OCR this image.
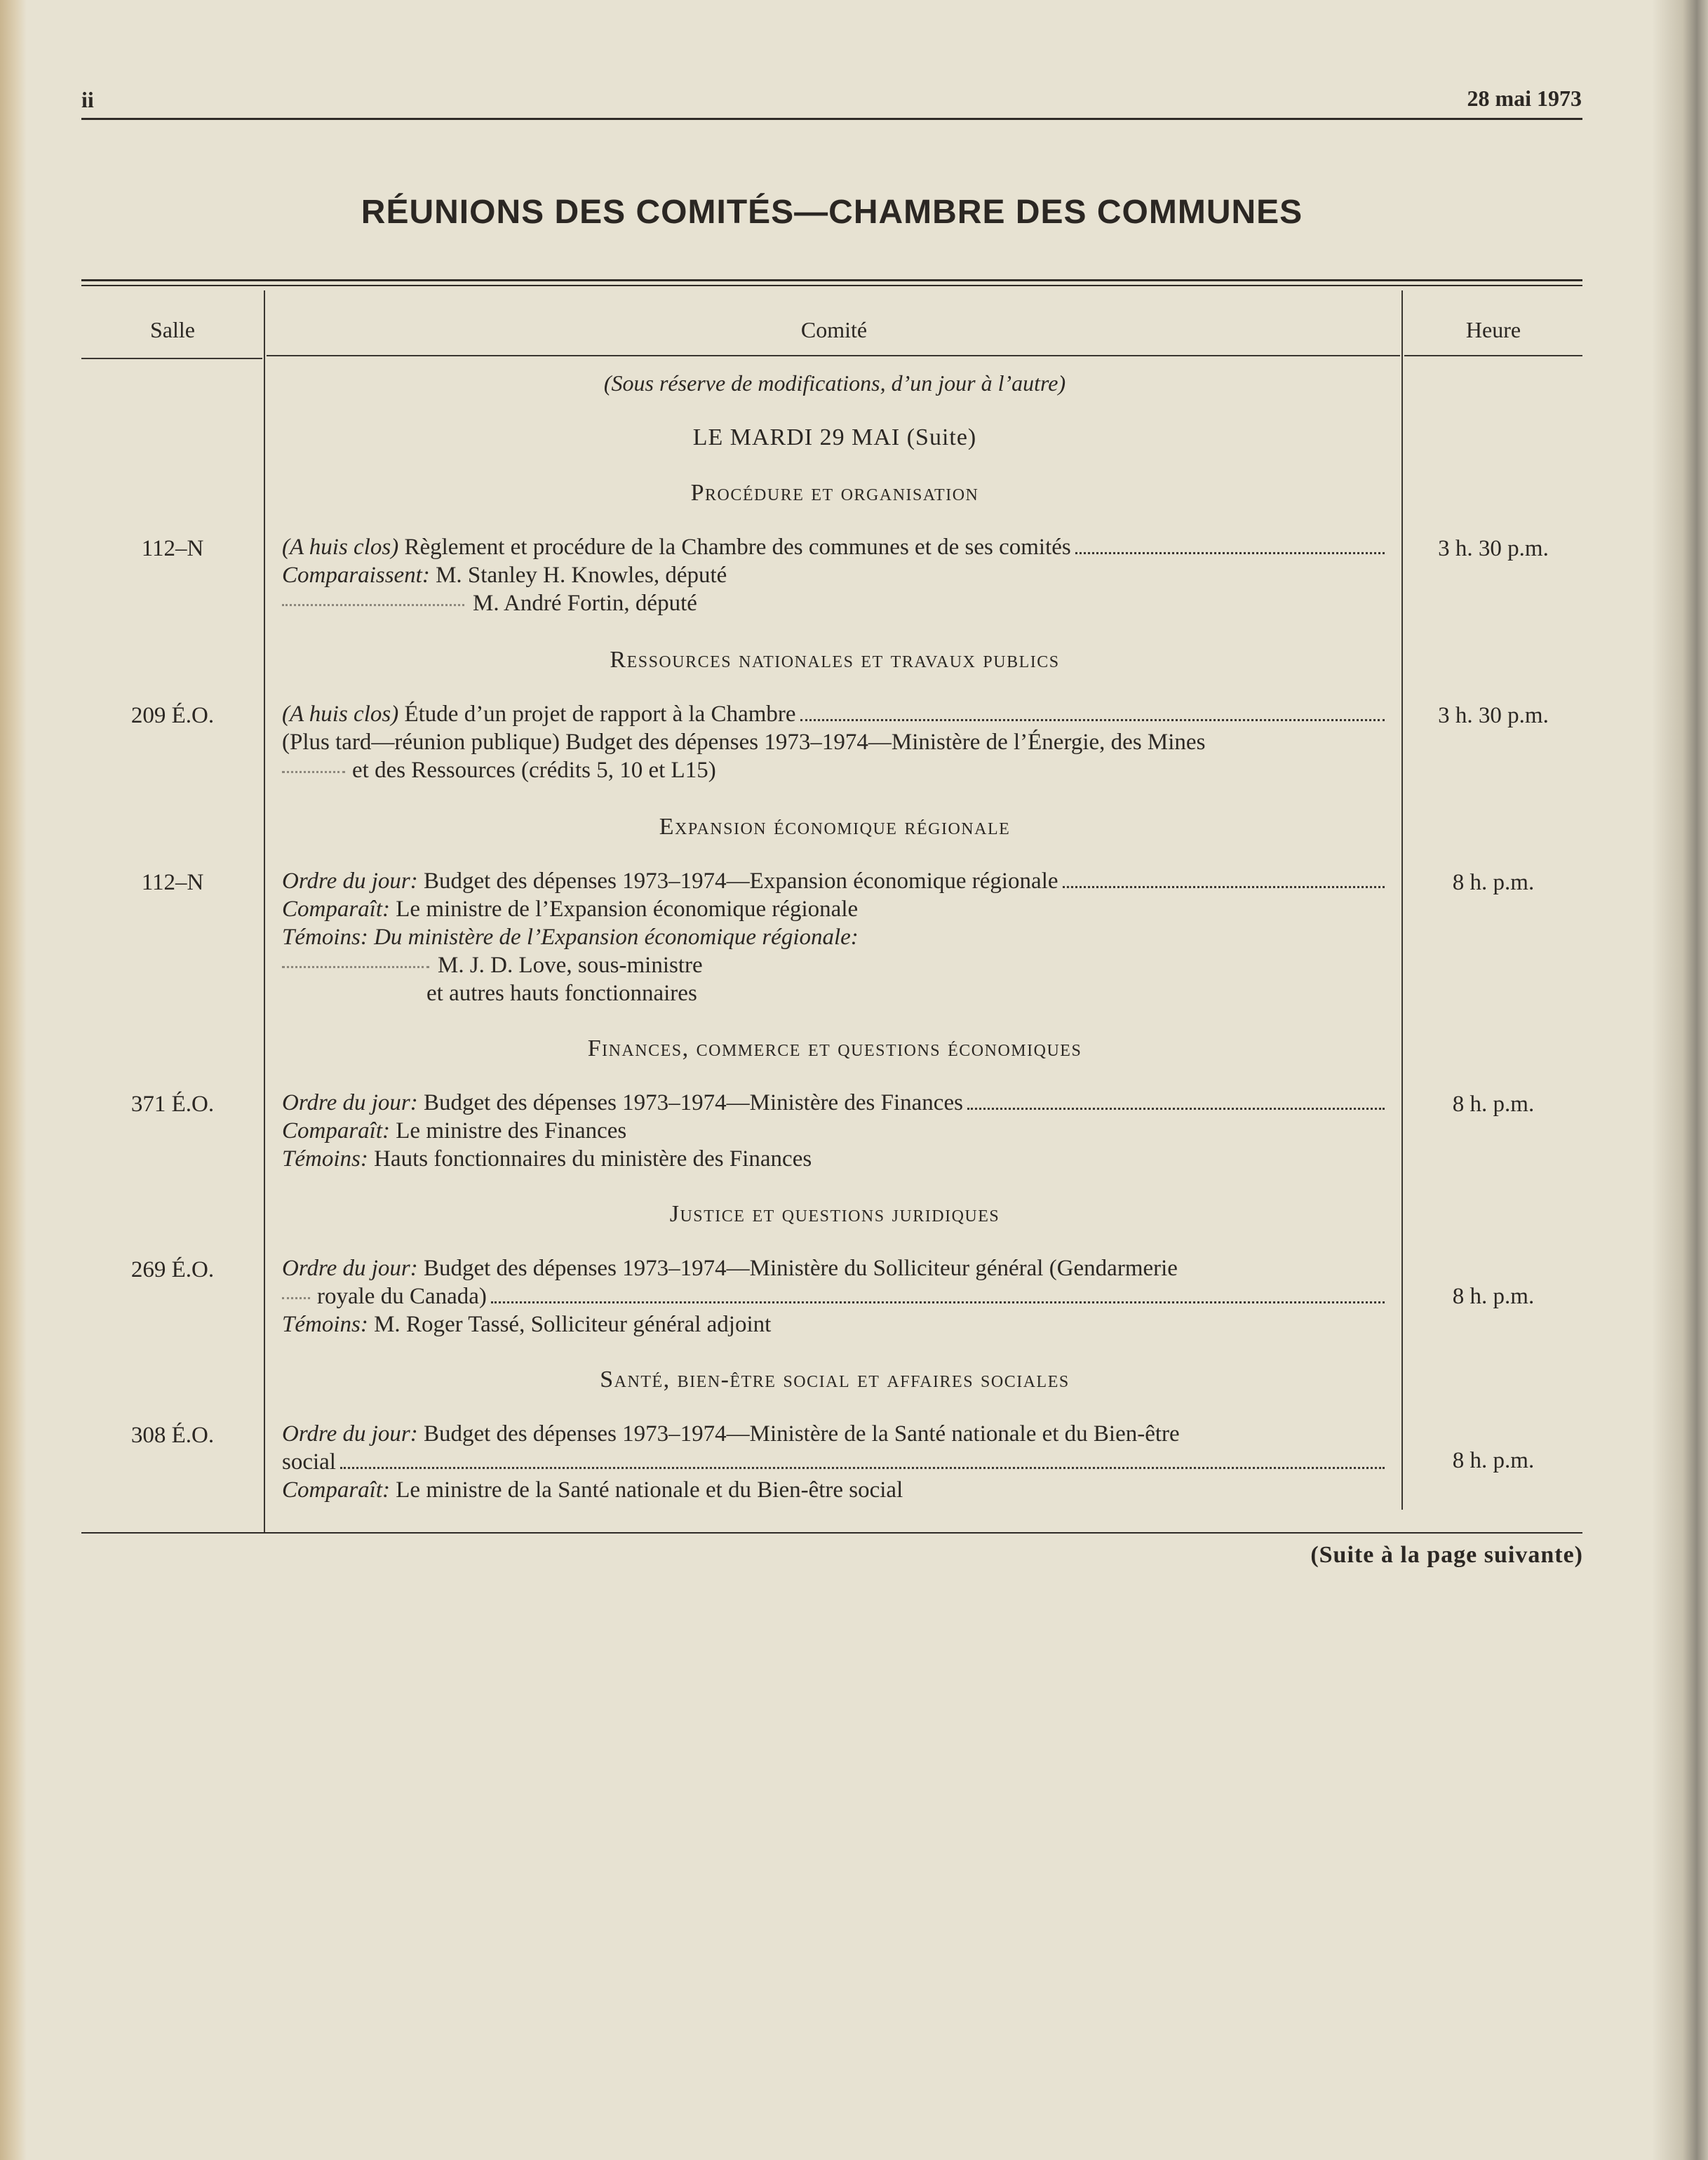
ii	28 mai 1973
RÉUNIONS DES COMITÉS—CHAMBRE DES COMMUNES
Salle	Comité	Heure
(Sous réserve de modifications, d’un jour à l’autre)
LE MARDI 29 MAI (Suite)
Procédure et organisation
112–N	3 h. 30 p.m.
(A huis clos) Règlement et procédure de la Chambre des communes et de ses comités
Comparaissent: M. Stanley H. Knowles, député
M. André Fortin, député
Ressources nationales et travaux publics
209 É.O.	3 h. 30 p.m.
(A huis clos) Étude d’un projet de rapport à la Chambre
(Plus tard—réunion publique) Budget des dépenses 1973–1974—Ministère de l’Énergie, des Mines
et des Ressources (crédits 5, 10 et L15)
Expansion économique régionale
112–N	8 h. p.m.
Ordre du jour: Budget des dépenses 1973–1974—Expansion économique régionale
Comparaît: Le ministre de l’Expansion économique régionale
Témoins: Du ministère de l’Expansion économique régionale:
M. J. D. Love, sous-ministre
et autres hauts fonctionnaires
Finances, commerce et questions économiques
371 É.O.	8 h. p.m.
Ordre du jour: Budget des dépenses 1973–1974—Ministère des Finances
Comparaît: Le ministre des Finances
Témoins: Hauts fonctionnaires du ministère des Finances
Justice et questions juridiques
269 É.O.
8 h. p.m.
Ordre du jour: Budget des dépenses 1973–1974—Ministère du Solliciteur général (Gendarmerie
royale du Canada)
Témoins: M. Roger Tassé, Solliciteur général adjoint
Santé, bien-être social et affaires sociales
308 É.O.
8 h. p.m.
Ordre du jour: Budget des dépenses 1973–1974—Ministère de la Santé nationale et du Bien-être
social
Comparaît: Le ministre de la Santé nationale et du Bien-être social
(Suite à la page suivante)
